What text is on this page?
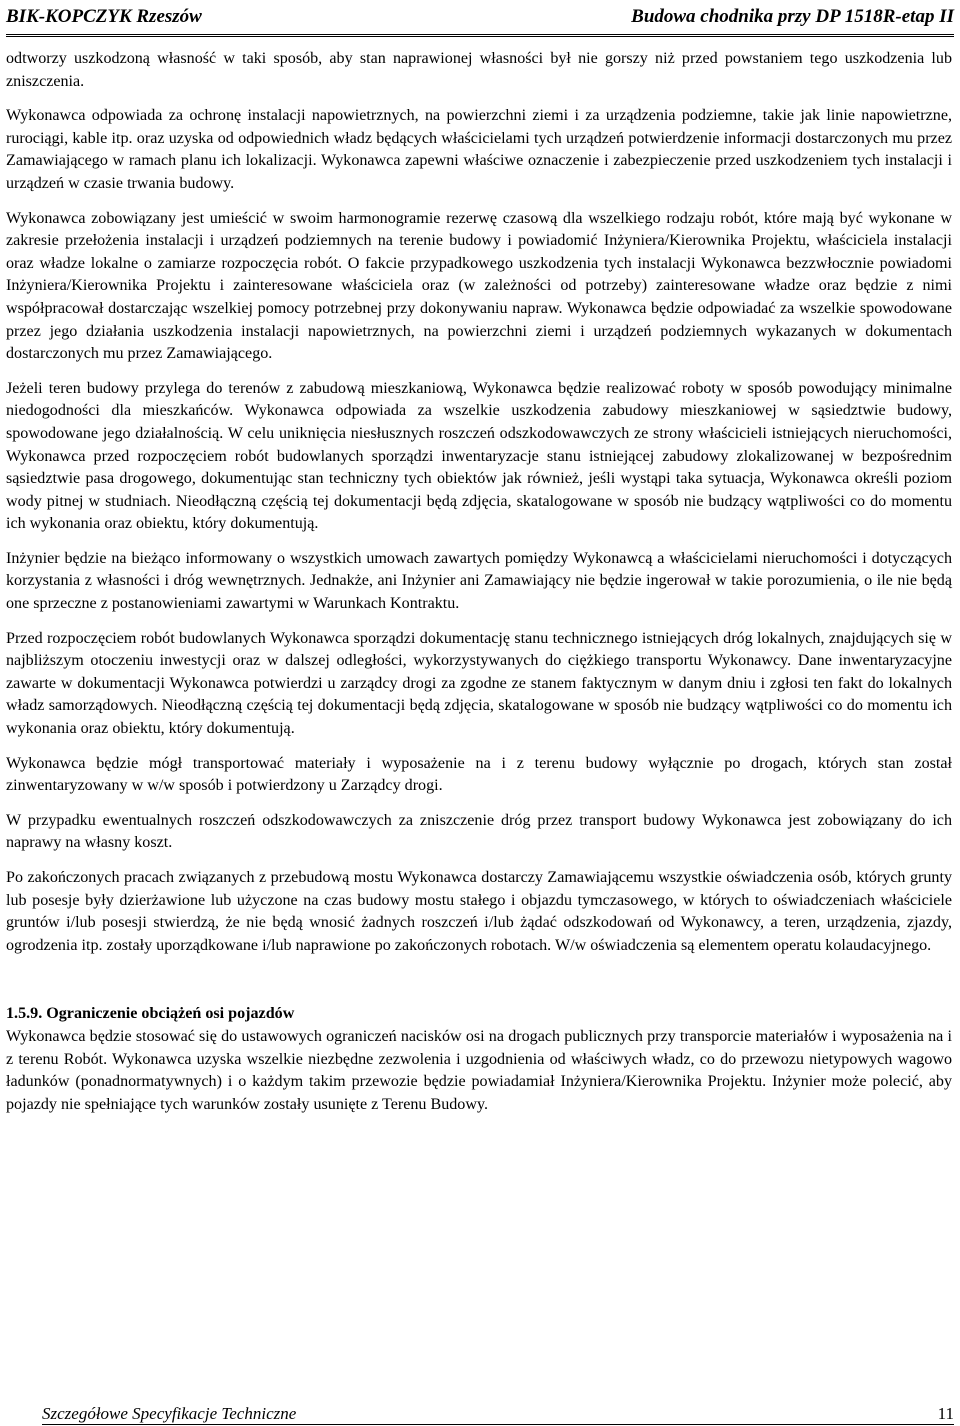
BIK-KOPCZYK Rzeszów	Budowa chodnika przy DP 1518R-etap II

odtworzy uszkodzoną własność w taki sposób, aby stan naprawionej własności był nie gorszy niż przed powstaniem tego uszkodzenia lub zniszczenia.

Wykonawca odpowiada za ochronę instalacji napowietrznych, na powierzchni ziemi i za urządzenia podziemne, takie jak linie napowietrzne, rurociągi, kable itp. oraz uzyska od odpowiednich władz będących właścicielami tych urządzeń potwierdzenie informacji dostarczonych mu przez Zamawiającego w ramach planu ich lokalizacji. Wykonawca zapewni właściwe oznaczenie i zabezpieczenie przed uszkodzeniem tych instalacji i urządzeń w czasie trwania budowy.

Wykonawca zobowiązany jest umieścić w swoim harmonogramie rezerwę czasową dla wszelkiego rodzaju robót, które mają być wykonane w zakresie przełożenia instalacji i urządzeń podziemnych na terenie budowy i powiadomić Inżyniera/Kierownika Projektu, właściciela instalacji oraz władze lokalne o zamiarze rozpoczęcia robót. O fakcie przypadkowego uszkodzenia tych instalacji Wykonawca bezzwłocznie powiadomi Inżyniera/Kierownika Projektu i zainteresowane właściciela oraz (w zależności od potrzeby) zainteresowane władze oraz będzie z nimi współpracował dostarczając wszelkiej pomocy potrzebnej przy dokonywaniu napraw. Wykonawca będzie odpowiadać za wszelkie spowodowane przez jego działania uszkodzenia instalacji napowietrznych, na powierzchni ziemi i urządzeń podziemnych wykazanych w dokumentach dostarczonych mu przez Zamawiającego.

Jeżeli teren budowy przylega do terenów z zabudową mieszkaniową, Wykonawca będzie realizować roboty w sposób powodujący minimalne niedogodności dla mieszkańców. Wykonawca odpowiada za wszelkie uszkodzenia zabudowy mieszkaniowej w sąsiedztwie budowy, spowodowane jego działalnością. W celu uniknięcia niesłusznych roszczeń odszkodowawczych ze strony właścicieli istniejących nieruchomości, Wykonawca przed rozpoczęciem robót budowlanych sporządzi inwentaryzacje stanu istniejącej zabudowy zlokalizowanej w bezpośrednim sąsiedztwie pasa drogowego, dokumentując stan techniczny tych obiektów jak również, jeśli wystąpi taka sytuacja, Wykonawca określi poziom wody pitnej w studniach. Nieodłączną częścią tej dokumentacji będą zdjęcia, skatalogowane w sposób nie budzący wątpliwości co do momentu ich wykonania oraz obiektu, który dokumentują.

Inżynier będzie na bieżąco informowany o wszystkich umowach zawartych pomiędzy Wykonawcą a właścicielami nieruchomości i dotyczących korzystania z własności i dróg wewnętrznych. Jednakże, ani Inżynier ani Zamawiający nie będzie ingerował w takie porozumienia, o ile nie będą one sprzeczne z postanowieniami zawartymi w Warunkach Kontraktu.

Przed rozpoczęciem robót budowlanych Wykonawca sporządzi dokumentację stanu technicznego istniejących dróg lokalnych, znajdujących się w najbliższym otoczeniu inwestycji oraz w dalszej odległości, wykorzystywanych do ciężkiego transportu Wykonawcy. Dane inwentaryzacyjne zawarte w dokumentacji Wykonawca potwierdzi u zarządcy drogi za zgodne ze stanem faktycznym w danym dniu i zgłosi ten fakt do lokalnych władz samorządowych. Nieodłączną częścią tej dokumentacji będą zdjęcia, skatalogowane w sposób nie budzący wątpliwości co do momentu ich wykonania oraz obiektu, który dokumentują.

Wykonawca będzie mógł transportować materiały i wyposażenie na i z terenu budowy wyłącznie po drogach, których stan został zinwentaryzowany w w/w sposób i potwierdzony u Zarządcy drogi.

W przypadku ewentualnych roszczeń odszkodowawczych za zniszczenie dróg przez transport budowy Wykonawca jest zobowiązany do ich naprawy na własny koszt.

Po zakończonych pracach związanych z przebudową mostu Wykonawca dostarczy Zamawiającemu wszystkie oświadczenia osób, których grunty lub posesje były dzierżawione lub użyczone na czas budowy mostu stałego i objazdu tymczasowego, w których to oświadczeniach właściciele gruntów i/lub posesji stwierdzą, że nie będą wnosić żadnych roszczeń i/lub żądać odszkodowań od Wykonawcy, a teren, urządzenia, zjazdy, ogrodzenia itp. zostały uporządkowane i/lub naprawione po zakończonych robotach. W/w oświadczenia są elementem operatu kolaudacyjnego.

1.5.9. Ograniczenie obciążeń osi pojazdów

Wykonawca będzie stosować się do ustawowych ograniczeń nacisków osi na drogach publicznych przy transporcie materiałów i wyposażenia na i z terenu Robót. Wykonawca uzyska wszelkie niezbędne zezwolenia i uzgodnienia od właściwych władz, co do przewozu nietypowych wagowo ładunków (ponadnormatywnych) i o każdym takim przewozie będzie powiadamiał Inżyniera/Kierownika Projektu. Inżynier może polecić, aby pojazdy nie spełniające tych warunków zostały usunięte z Terenu Budowy.

Szczegółowe Specyfikacje Techniczne	11
